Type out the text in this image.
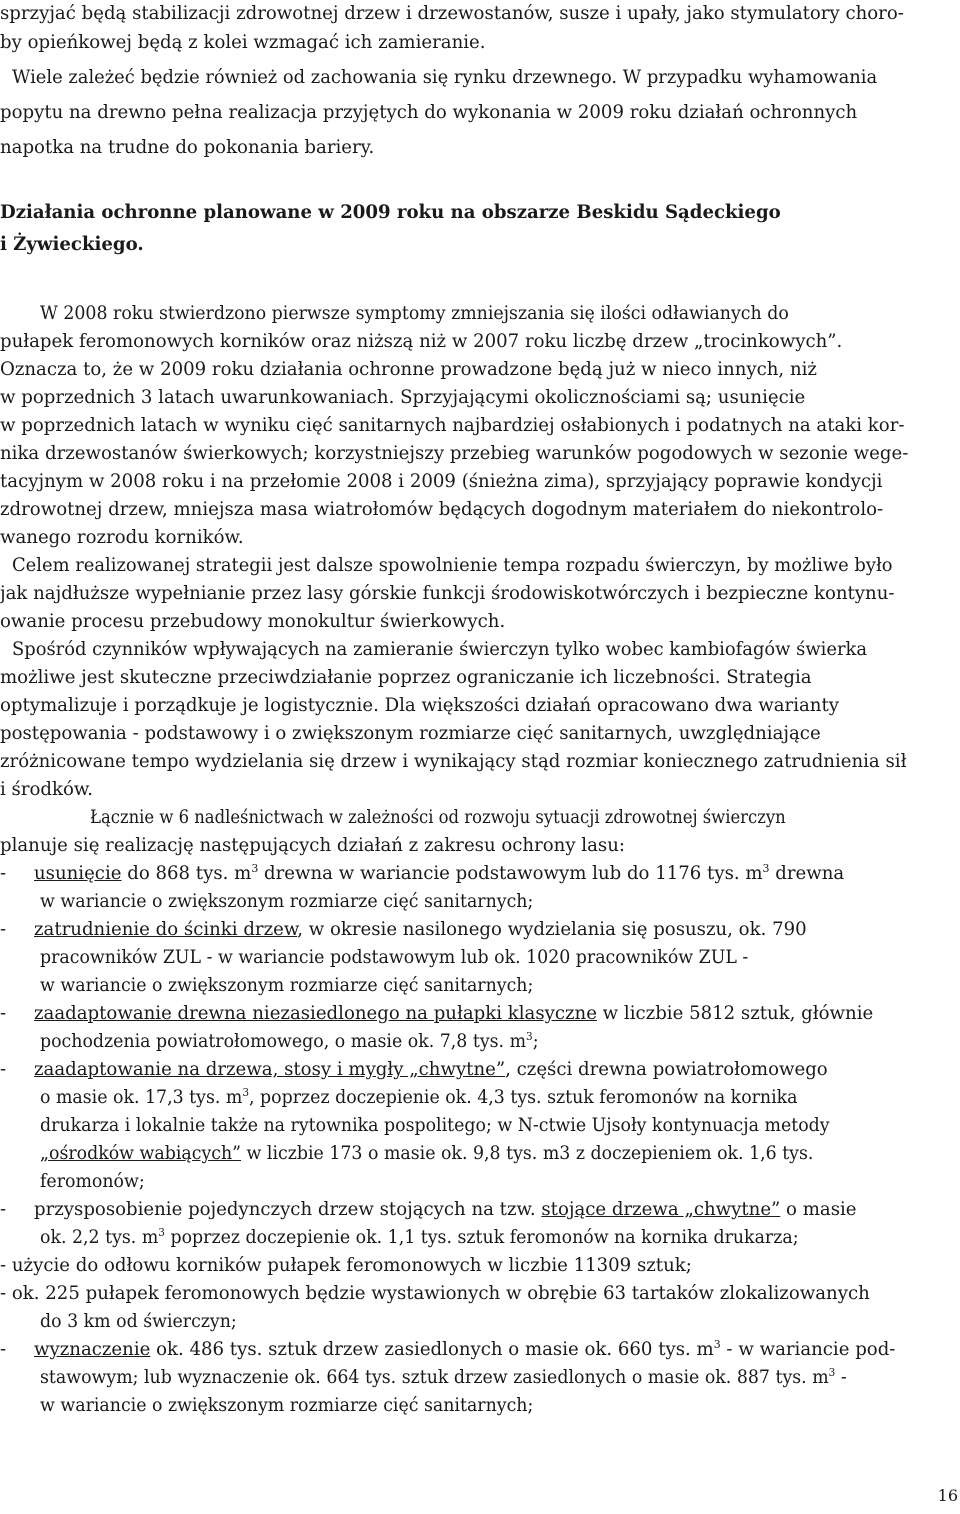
sprzyjać będą stabilizacji zdrowotnej drzew i drzewostanów, susze i upały, jako stymulatory choro-
by opieńkowej będą z kolei wzmagać ich zamieranie.
Wiele zależeć będzie również od zachowania się rynku drzewnego. W przypadku wyhamowania
popytu na drewno pełna realizacja przyjętych do wykonania w 2009 roku działań ochronnych
napotka na trudne do pokonania bariery.
Działania ochronne planowane w 2009 roku na obszarze Beskidu Sądeckiego
i Żywieckiego.
W 2008 roku stwierdzono pierwsze symptomy zmniejszania się ilości odławianych do
pułapek feromonowych korników oraz niższą niż w 2007 roku liczbę drzew „trocinkowych”.
Oznacza to, że w 2009 roku działania ochronne prowadzone będą już w nieco innych, niż
w poprzednich 3 latach uwarunkowaniach. Sprzyjającymi okolicznościami są; usunięcie
w poprzednich latach w wyniku cięć sanitarnych najbardziej osłabionych i podatnych na ataki kor-
nika drzewostanów świerkowych; korzystniejszy przebieg warunków pogodowych w sezonie wege-
tacyjnym w 2008 roku i na przełomie 2008 i 2009 (śnieżna zima), sprzyjający poprawie kondycji
zdrowotnej drzew, mniejsza masa wiatrołomów będących dogodnym materiałem do niekontrolo-
wanego rozrodu korników.
Celem realizowanej strategii jest dalsze spowolnienie tempa rozpadu świerczyn, by możliwe było
jak najdłuższe wypełnianie przez lasy górskie funkcji środowiskotwórczych i bezpieczne kontynu-
owanie procesu przebudowy monokultur świerkowych.
Spośród czynników wpływających na zamieranie świerczyn tylko wobec kambiofagów świerka
możliwe jest skuteczne przeciwdziałanie poprzez ograniczanie ich liczebności. Strategia
optymalizuje i porządkuje je logistycznie. Dla większości działań opracowano dwa warianty
postępowania - podstawowy i o zwiększonym rozmiarze cięć sanitarnych, uwzględniające
zróżnicowane tempo wydzielania się drzew i wynikający stąd rozmiar koniecznego zatrudnienia sił
i środków.
Łącznie w 6 nadleśnictwach w zależności od rozwoju sytuacji zdrowotnej świerczyn
planuje się realizację następujących działań z zakresu ochrony lasu:
- usunięcie do 868 tys. $m^3$ drewna w wariancie podstawowym lub do 1176 tys. $m^3$ drewna
w wariancie o zwiększonym rozmiarze cięć sanitarnych;
- zatrudnienie do ścinki drzew, w okresie nasilonego wydzielania się posuszu, ok. 790
pracowników ZUL - w wariancie podstawowym lub ok. 1020 pracowników ZUL -
w wariancie o zwiększonym rozmiarze cięć sanitarnych;
- zaadaptowanie drewna niezasiedlonego na pułapki klasyczne w liczbie 5812 sztuk, głównie
pochodzenia powiatrołomowego, o masie ok. 7,8 tys. $m^3$;
- zaadaptowanie na drzewa, stosy i mygły „chwytne”, części drewna powiatrołomowego
o masie ok. 17,3 tys. $m^3$, poprzez doczepienie ok. 4,3 tys. sztuk feromonów na kornika
drukarza i lokalnie także na rytownika pospolitego; w N-ctwie Ujsoły kontynuacja metody
„ośrodków wabiących” w liczbie 173 o masie ok. 9,8 tys. m3 z doczepieniem ok. 1,6 tys.
feromonów;
- przysposobienie pojedynczych drzew stojących na tzw. stojące drzewa „chwytne” o masie
ok. 2,2 tys. $m^3$ poprzez doczepienie ok. 1,1 tys. sztuk feromonów na kornika drukarza;
- użycie do odłowu korników pułapek feromonowych w liczbie 11309 sztuk;
- ok. 225 pułapek feromonowych będzie wystawionych w obrębie 63 tartaków zlokalizowanych
do 3 km od świerczyn;
- wyznaczenie ok. 486 tys. sztuk drzew zasiedlonych o masie ok. 660 tys. $m^3$ - w wariancie pod-
stawowym; lub wyznaczenie ok. 664 tys. sztuk drzew zasiedlonych o masie ok. 887 tys. $m^3$ -
w wariancie o zwiększonym rozmiarze cięć sanitarnych;
16
